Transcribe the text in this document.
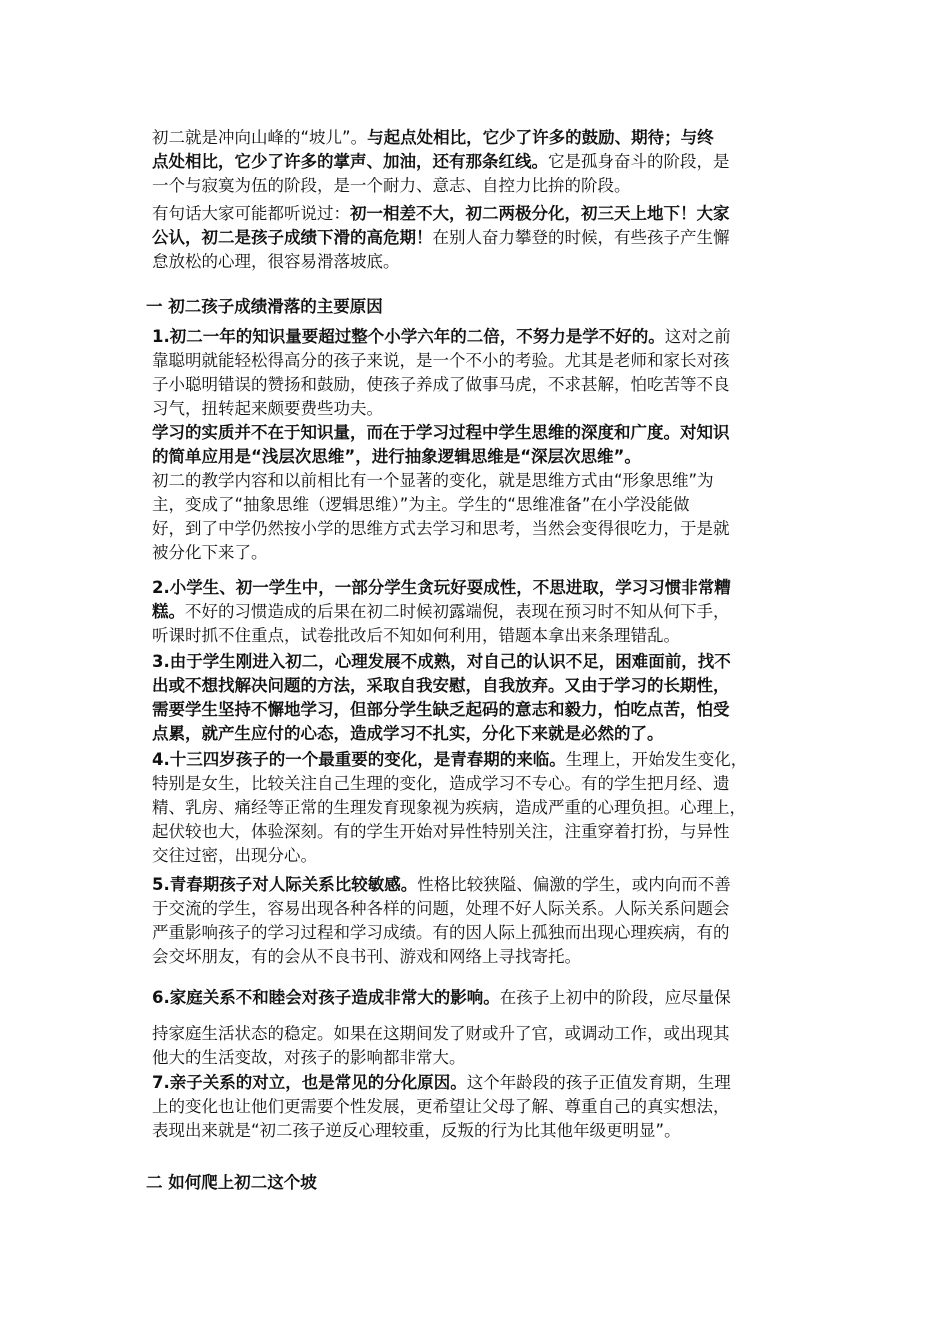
初二就是冲向山峰的“坡儿”。与起点处相比，它少了许多的鼓励、期待；与终
点处相比，它少了许多的掌声、加油，还有那条红线。它是孤身奋斗的阶段，是
一个与寂寞为伍的阶段，是一个耐力、意志、自控力比拚的阶段。
有句话大家可能都听说过：初一相差不大，初二两极分化，初三天上地下！大家
公认，初二是孩子成绩下滑的高危期！在别人奋力攀登的时候，有些孩子产生懈
怠放松的心理，很容易滑落坡底。
一 初二孩子成绩滑落的主要原因
1.初二一年的知识量要超过整个小学六年的二倍，不努力是学不好的。这对之前
靠聪明就能轻松得高分的孩子来说，是一个不小的考验。尤其是老师和家长对孩
子小聪明错误的赞扬和鼓励，使孩子养成了做事马虎，不求甚解，怕吃苦等不良
习气，扭转起来颇要费些功夫。
学习的实质并不在于知识量，而在于学习过程中学生思维的深度和广度。对知识
的简单应用是“浅层次思维”，进行抽象逻辑思维是“深层次思维”。
初二的教学内容和以前相比有一个显著的变化，就是思维方式由“形象思维”为
主，变成了“抽象思维（逻辑思维）”为主。学生的“思维准备”在小学没能做
好，到了中学仍然按小学的思维方式去学习和思考，当然会变得很吃力，于是就
被分化下来了。
2.小学生、初一学生中，一部分学生贪玩好耍成性，不思进取，学习习惯非常糟
糕。不好的习惯造成的后果在初二时候初露端倪，表现在预习时不知从何下手，
听课时抓不住重点，试卷批改后不知如何利用，错题本拿出来条理错乱。
3.由于学生刚进入初二，心理发展不成熟，对自己的认识不足，困难面前，找不
出或不想找解决问题的方法，采取自我安慰，自我放弃。又由于学习的长期性，
需要学生坚持不懈地学习，但部分学生缺乏起码的意志和毅力，怕吃点苦，怕受
点累，就产生应付的心态，造成学习不扎实，分化下来就是必然的了。
4.十三四岁孩子的一个最重要的变化，是青春期的来临。生理上，开始发生变化，
特别是女生，比较关注自己生理的变化，造成学习不专心。有的学生把月经、遗
精、乳房、痛经等正常的生理发育现象视为疾病，造成严重的心理负担。心理上，
起伏较也大，体验深刻。有的学生开始对异性特别关注，注重穿着打扮，与异性
交往过密，出现分心。
5.青春期孩子对人际关系比较敏感。性格比较狭隘、偏激的学生，或内向而不善
于交流的学生，容易出现各种各样的问题，处理不好人际关系。人际关系问题会
严重影响孩子的学习过程和学习成绩。有的因人际上孤独而出现心理疾病，有的
会交坏朋友，有的会从不良书刊、游戏和网络上寻找寄托。
6.家庭关系不和睦会对孩子造成非常大的影响。在孩子上初中的阶段，应尽量保
持家庭生活状态的稳定。如果在这期间发了财或升了官，或调动工作，或出现其
他大的生活变故，对孩子的影响都非常大。
7.亲子关系的对立，也是常见的分化原因。这个年龄段的孩子正值发育期，生理
上的变化也让他们更需要个性发展，更希望让父母了解、尊重自己的真实想法，
表现出来就是“初二孩子逆反心理较重，反叛的行为比其他年级更明显”。
二 如何爬上初二这个坡
